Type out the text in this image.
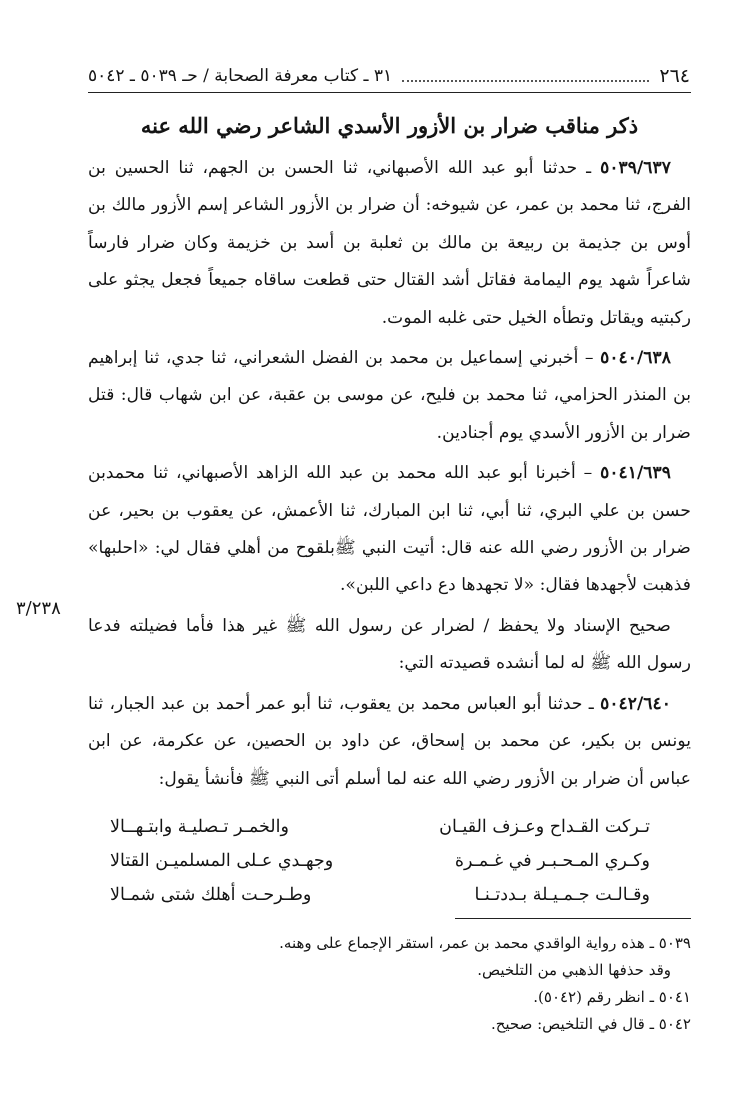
٢٦٤
٣١ ـ كتاب معرفة الصحابة / حـ ٥٠٣٩ ـ ٥٠٤٢
ذكر مناقب ضرار بن الأزور الأسدي الشاعر رضي الله عنه

٥٠٣٩/٦٣٧ ـ حدثنا أبو عبد الله الأصبهاني، ثنا الحسن بن الجهم، ثنا الحسين بن الفرج، ثنا محمد بن عمر، عن شيوخه: أن ضرار بن الأزور الشاعر إسم الأزور مالك بن أوس بن جذيمة بن ربيعة بن مالك بن ثعلبة بن أسد بن خزيمة وكان ضرار فارساً شاعراً شهد يوم اليمامة فقاتل أشد القتال حتى قطعت ساقاه جميعاً فجعل يجثو على ركبتيه ويقاتل وتطأه الخيل حتى غلبه الموت.

٥٠٤٠/٦٣٨ – أخبرني إسماعيل بن محمد بن الفضل الشعراني، ثنا جدي، ثنا إبراهيم بن المنذر الحزامي، ثنا محمد بن فليح، عن موسى بن عقبة، عن ابن شهاب قال: قتل ضرار بن الأزور الأسدي يوم أجنادين.

٥٠٤١/٦٣٩ – أخبرنا أبو عبد الله محمد بن عبد الله الزاهد الأصبهاني، ثنا محمدبن حسن بن علي البري، ثنا أبي، ثنا ابن المبارك، ثنا الأعمش، عن يعقوب بن بحير، عن ضرار بن الأزور رضي الله عنه قال: أتيت النبي ﷺبلقوح من أهلي فقال لي: «احلبها» فذهبت لأجهدها فقال: «لا تجهدها دع داعي اللبن».

صحيح الإسناد ولا يحفظ / لضرار عن رسول الله ﷺ غير هذا فأما فضيلته فدعا رسول الله ﷺ له لما أنشده قصيدته التي:

٥٠٤٢/٦٤٠ ـ حدثنا أبو العباس محمد بن يعقوب، ثنا أبو عمر أحمد بن عبد الجبار، ثنا يونس بن بكير، عن محمد بن إسحاق، عن داود بن الحصين، عن عكرمة، عن ابن عباس أن ضرار بن الأزور رضي الله عنه لما أسلم أتى النبي ﷺ فأنشأ يقول:

٣/٢٣٨
تـركت القـداح وعـزف القيـان
والخمـر تـصليـة وابتـهــالا
وكـري المـحـبـر في غـمـرة
وجهـدي عـلى المسلميـن القتالا
وقـالـت جـمـيـلة بـددتـنـا
وطـرحـت أهلك شتى شمـالا

٥٠٣٩ ـ هذه رواية الواقدي محمد بن عمر، استقر الإجماع على وهنه.

وقد حذفها الذهبي من التلخيص.

٥٠٤١ ـ انظر رقم (٥٠٤٢).

٥٠٤٢ ـ قال في التلخيص: صحيح.
